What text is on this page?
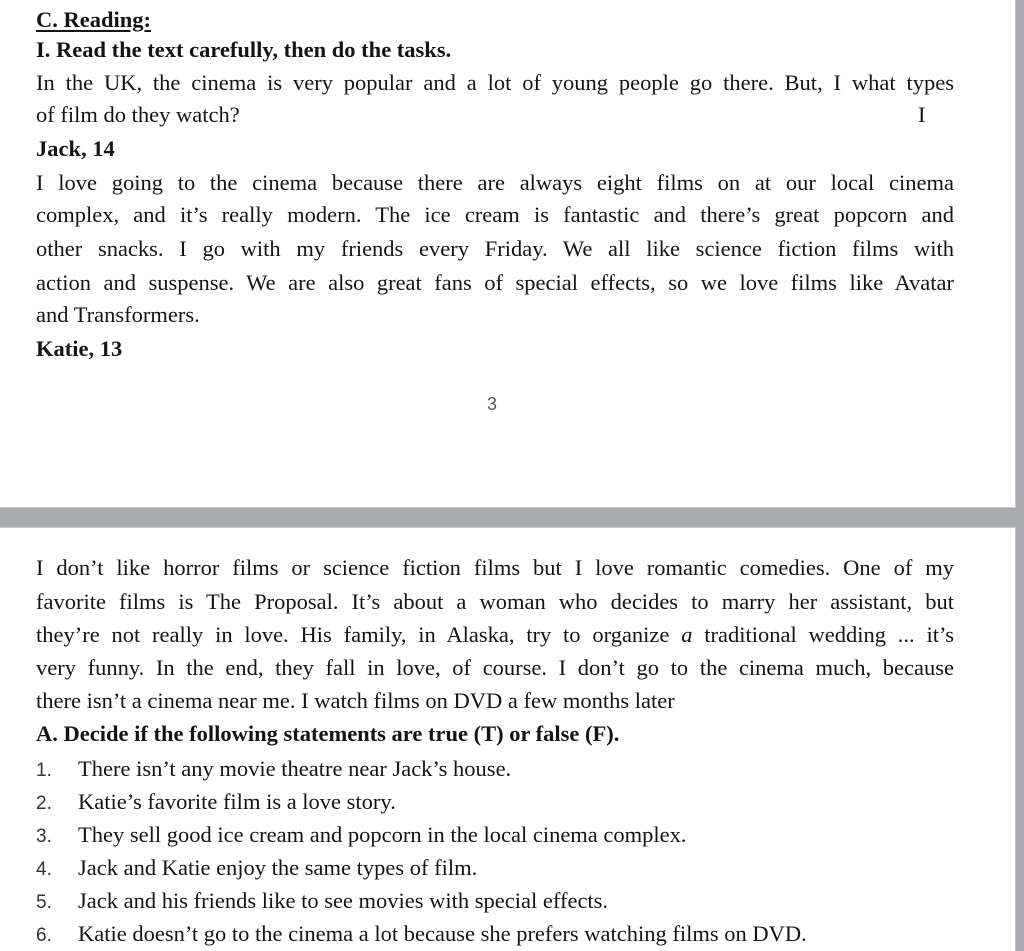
C. Reading:
I. Read the text carefully, then do the tasks.
In the UK, the cinema is very popular and a lot of young people go there. But, I what types
of film do they watch?	I
Jack, 14
I love going to the cinema because there are always eight films on at our local cinema
complex, and it’s really modern. The ice cream is fantastic and there’s great popcorn and
other snacks. I go with my friends every Friday. We all like science fiction films with
action and suspense. We are also great fans of special effects, so we love films like Avatar
and Transformers.
Katie, 13
3
I don’t like horror films or science fiction films but I love romantic comedies. One of my
favorite films is The Proposal. It’s about a woman who decides to marry her assistant, but
they’re not really in love. His family, in Alaska, try to organize a traditional wedding ... it’s
very funny. In the end, they fall in love, of course. I don’t go to the cinema much, because
there isn’t a cinema near me. I watch films on DVD a few months later
A. Decide if the following statements are true (T) or false (F).
1. There isn’t any movie theatre near Jack’s house.
2. Katie’s favorite film is a love story.
3. They sell good ice cream and popcorn in the local cinema complex.
4. Jack and Katie enjoy the same types of film.
5. Jack and his friends like to see movies with special effects.
6. Katie doesn’t go to the cinema a lot because she prefers watching films on DVD.
